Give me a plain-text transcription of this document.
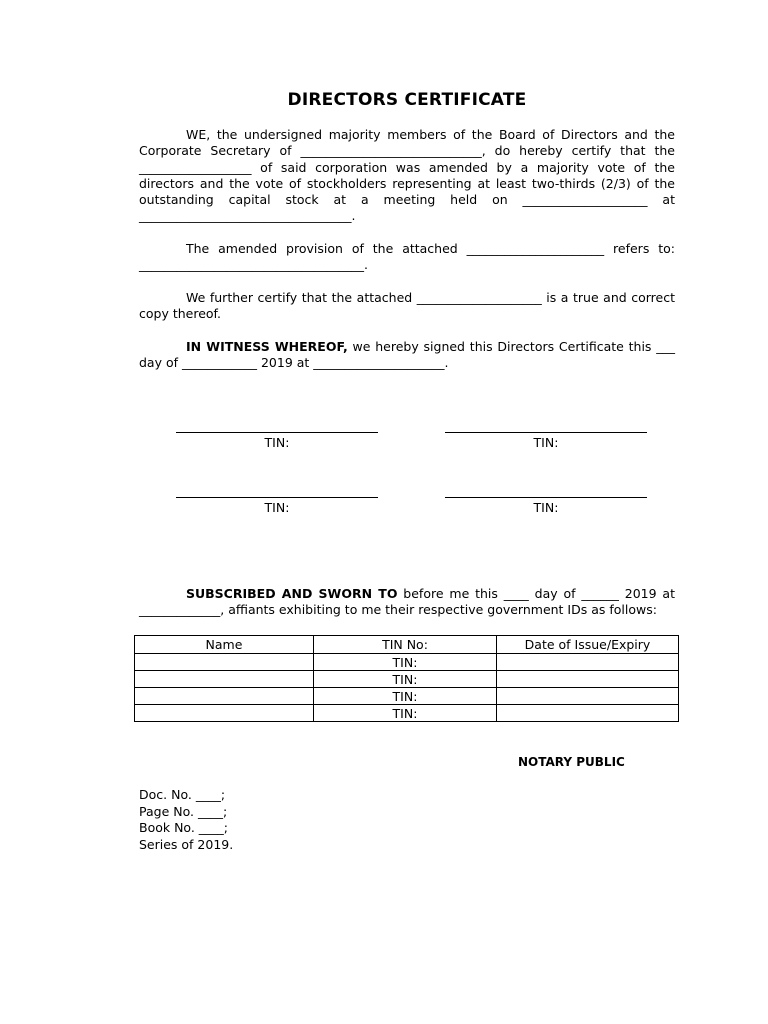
DIRECTORS CERTIFICATE

WE, the undersigned majority members of the Board of Directors and the Corporate Secretary of _____________________________, do hereby certify that the __________________ of said corporation was amended by a majority vote of the directors and the vote of stockholders representing at least two-thirds (2/3) of the outstanding capital stock at a meeting held on ____________________ at __________________________________.

The amended provision of the attached ______________________ refers to: ____________________________________.

We further certify that the attached ____________________ is a true and correct copy thereof.

IN WITNESS WHEREOF, we hereby signed this Directors Certificate this ___ day of ____________ 2019 at _____________________.

TIN:	TIN:
TIN:	TIN:

SUBSCRIBED AND SWORN TO before me this ____ day of ______ 2019 at _____________, affiants exhibiting to me their respective government IDs as follows:

Name	TIN No:	Date of Issue/Expiry
	TIN:	
	TIN:	
	TIN:	
	TIN:	
NOTARY PUBLIC
Doc. No. ____;
Page No. ____;
Book No. ____;
Series of 2019.
